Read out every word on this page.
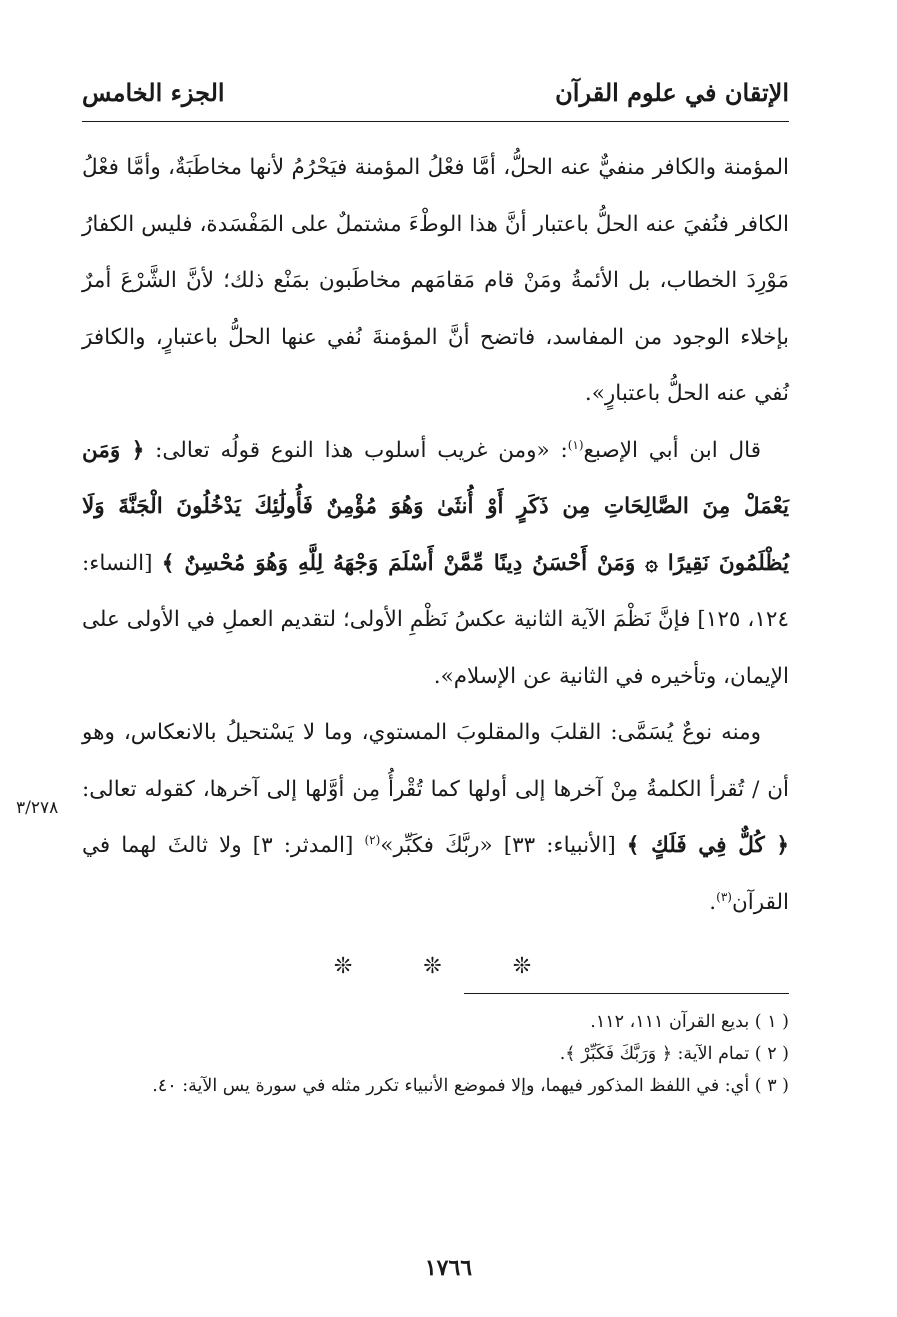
الإتقان في علوم القرآن
الجزء الخامس

المؤمنة والكافر منفيٌّ عنه الحلُّ، أمَّا فعْلُ المؤمنة فيَحْرُمُ لأنها مخاطَبَةٌ، وأمَّا فعْلُ الكافر فنُفيَ عنه الحلُّ باعتبار أنَّ هذا الوطْءَ مشتملٌ على المَفْسَدة، فليس الكفارُ مَوْرِدَ الخطاب، بل الأئمةُ ومَنْ قام مَقامَهم مخاطَبون بمَنْع ذلك؛ لأنَّ الشَّرْعَ أمرٌ بإخلاء الوجود من المفاسد، فاتضح أنَّ المؤمنةَ نُفي عنها الحلُّ باعتبارٍ، والكافرَ نُفي عنه الحلُّ باعتبارٍ».

قال ابن أبي الإصبع$^{(١)}$: «ومن غريب أسلوب هذا النوع قولُه تعالى: ﴿ وَمَن يَعْمَلْ مِنَ الصَّالِحَاتِ مِن ذَكَرٍ أَوْ أُنثَىٰ وَهُوَ مُؤْمِنٌ فَأُولَٰئِكَ يَدْخُلُونَ الْجَنَّةَ وَلَا يُظْلَمُونَ نَقِيرًا ۞ وَمَنْ أَحْسَنُ دِينًا مِّمَّنْ أَسْلَمَ وَجْهَهُ لِلَّهِ وَهُوَ مُحْسِنٌ ﴾ [النساء: ١٢٤، ١٢٥] فإنَّ نَظْمَ الآية الثانية عكسُ نَظْمِ الأولى؛ لتقديم العملِ في الأولى على الإيمان، وتأخيره في الثانية عن الإسلام».

ومنه نوعٌ يُسَمَّى: القلبَ والمقلوبَ المستوي، وما لا يَسْتحيلُ بالانعكاس، وهو أن / تُقرأ الكلمةُ مِنْ آخرها إلى أولها كما تُقْرأُ مِن أوَّلها إلى آخرها، كقوله تعالى: ﴿ كُلٌّ فِي فَلَكٍ ﴾ [الأنبياء: ٣٣] «ربَّكَ فكَبِّر»$^{(٢)}$ [المدثر: ٣] ولا ثالثَ لهما في القرآن$^{(٣)}$.

٣/٢٧٨
❊ ❊ ❊

( ١ ) بديع القرآن ١١١، ١١٢.

( ٢ ) تمام الآية: ﴿ وَرَبَّكَ فَكَبِّرْ ﴾.

( ٣ ) أي: في اللفظ المذكور فيهما، وإلا فموضع الأنبياء تكرر مثله في سورة يس الآية: ٤٠.

١٧٦٦
